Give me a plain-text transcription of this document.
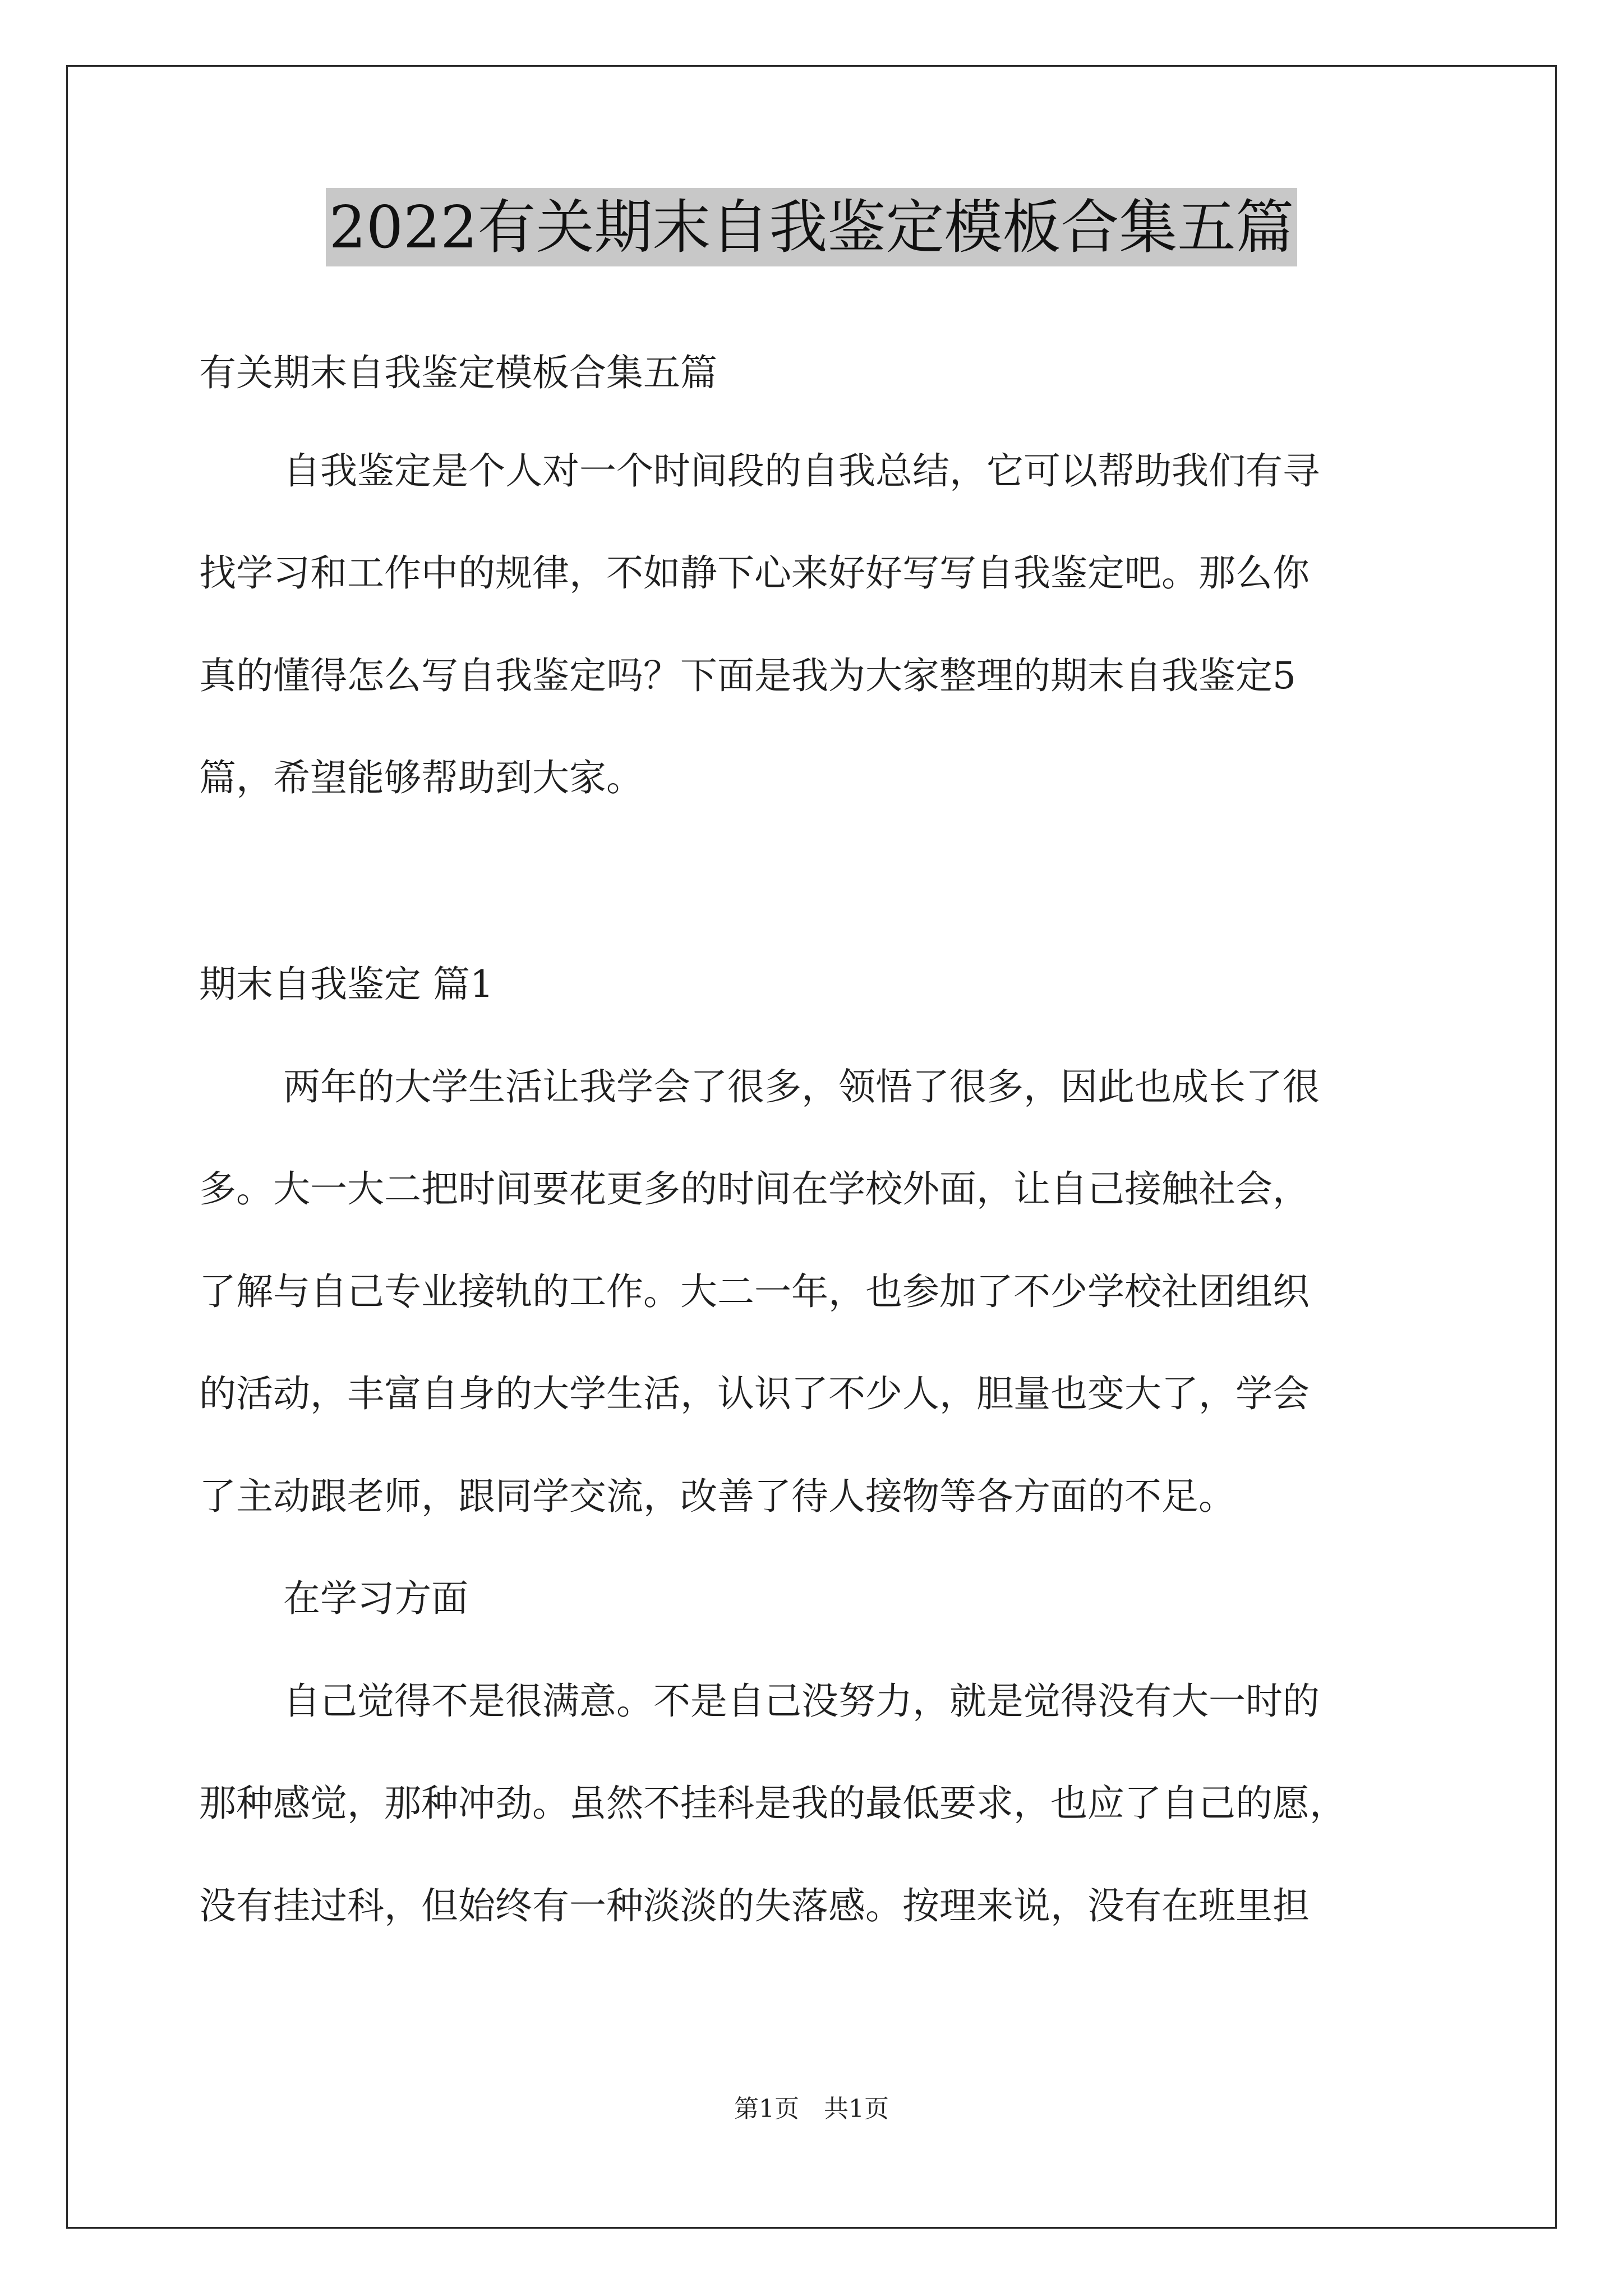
2022有关期末自我鉴定模板合集五篇
有关期末自我鉴定模板合集五篇
自我鉴定是个人对一个时间段的自我总结，它可以帮助我们有寻
找学习和工作中的规律，不如静下心来好好写写自我鉴定吧。那么你
真的懂得怎么写自我鉴定吗？下面是我为大家整理的期末自我鉴定5
篇，希望能够帮助到大家。
期末自我鉴定 篇1
两年的大学生活让我学会了很多，领悟了很多，因此也成长了很
多。大一大二把时间要花更多的时间在学校外面，让自己接触社会，
了解与自己专业接轨的工作。大二一年，也参加了不少学校社团组织
的活动，丰富自身的大学生活，认识了不少人，胆量也变大了，学会
了主动跟老师，跟同学交流，改善了待人接物等各方面的不足。
在学习方面
自己觉得不是很满意。不是自己没努力，就是觉得没有大一时的
那种感觉，那种冲劲。虽然不挂科是我的最低要求，也应了自己的愿，
没有挂过科，但始终有一种淡淡的失落感。按理来说，没有在班里担
第1页　共1页
